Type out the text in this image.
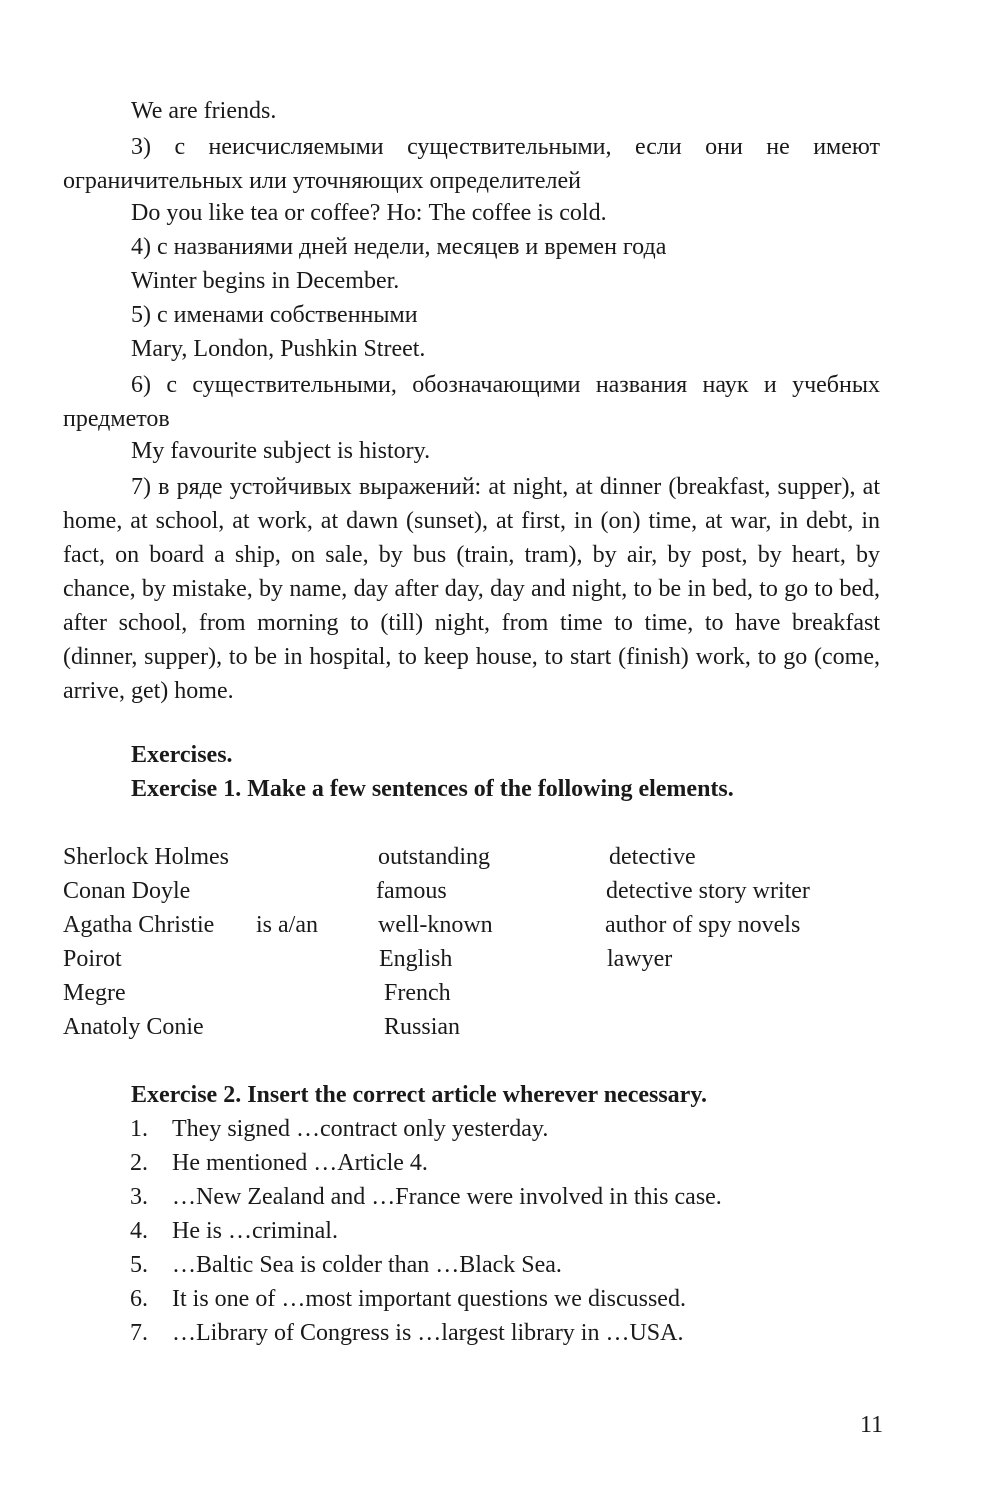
We are friends.

3) с неисчисляемыми существительными, если они не имеют ограничительных или уточняющих определителей

Do you like tea or coffee? Но: The coffee is cold.

4) с названиями дней недели, месяцев и времен года

Winter begins in December.

5) с именами собственными

Mary, London, Pushkin Street.

6) с существительными, обозначающими названия наук и учебных предметов

My favourite subject is history.

7) в ряде устойчивых выражений: at night, at dinner (breakfast, supper), at home, at school, at work, at dawn (sunset), at first, in (on) time, at war, in debt, in fact, on board a ship, on sale, by bus (train, tram), by air, by post, by heart, by chance, by mistake, by name, day after day, day and night, to be in bed, to go to bed, after school, from morning to (till) night, from time to time, to have breakfast (dinner, supper), to be in hospital, to keep house, to start (finish) work, to go (come, arrive, get) home.

Exercises.

Exercise 1. Make a few sentences of the following elements.

Sherlock Holmes
Conan Doyle
Agatha Christie
Poirot
Megre
Anatoly Conie
is a/an
outstanding
famous
well-known
English
French
Russian
detective
detective story writer
author of spy novels
lawyer

Exercise 2. Insert the correct article wherever necessary.

1. They signed …contract only yesterday.
2. He mentioned …Article 4.
3. …New Zealand and …France were involved in this case.
4. He is …criminal.
5. …Baltic Sea is colder than …Black Sea.
6. It is one of …most important questions we discussed.
7. …Library of Congress is …largest library in …USA.
11
